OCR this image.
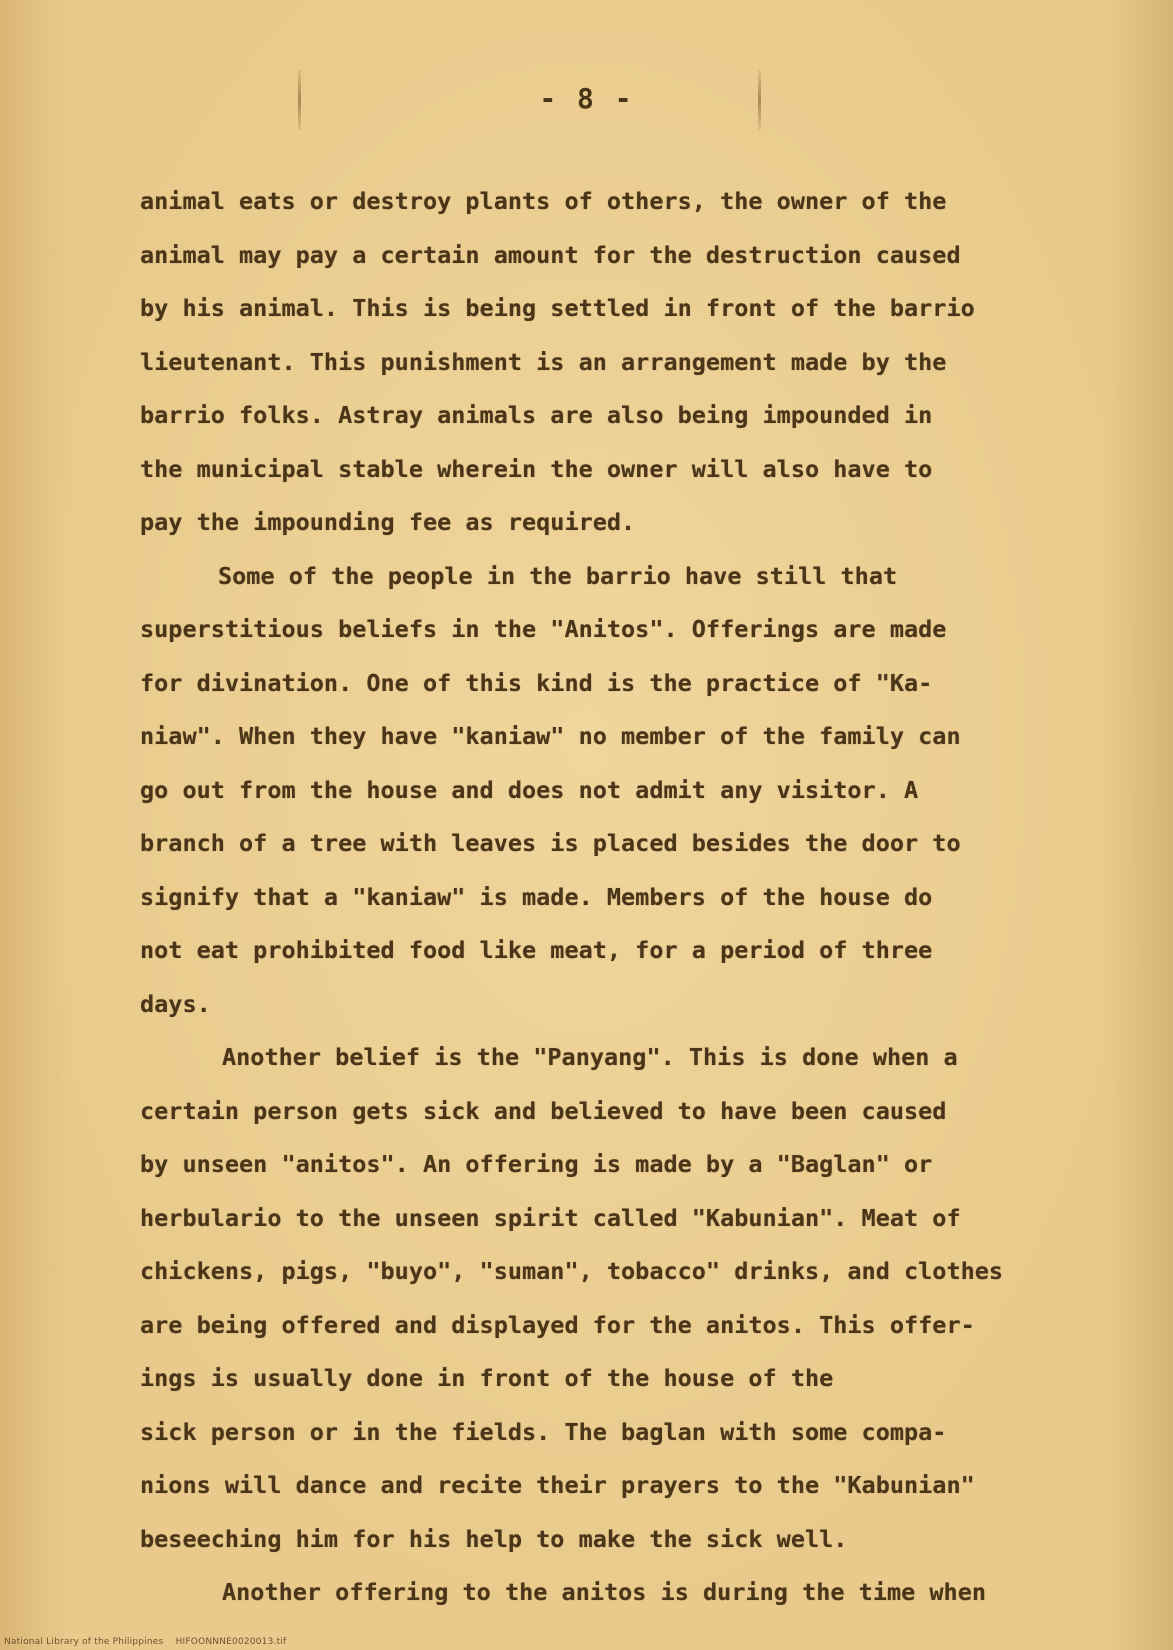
- 8 -
animal eats or destroy plants of others, the owner of the
animal may pay a certain amount for the destruction caused
by his animal. This is being settled in front of the barrio
lieutenant. This punishment is an arrangement made by the
barrio folks. Astray animals are also being impounded in
the municipal stable wherein the owner will also have to
pay the impounding fee as required.
Some of the people in the barrio have still that
superstitious beliefs in the "Anitos". Offerings are made
for divination. One of this kind is the practice of "Ka-
niaw". When they have "kaniaw" no member of the family can
go out from the house and does not admit any visitor. A
branch of a tree with leaves is placed besides the door to
signify that a "kaniaw" is made. Members of the house do
not eat prohibited food like meat, for a period of three
days.
Another belief is the "Panyang". This is done when a
certain person gets sick and believed to have been caused
by unseen "anitos". An offering is made by a "Baglan" or
herbulario to the unseen spirit called "Kabunian". Meat of
chickens, pigs, "buyo", "suman", tobacco" drinks, and clothes
are being offered and displayed for the anitos. This offer-
ings is usually done in front of the house of the
sick person or in the fields. The baglan with some compa-
nions will dance and recite their prayers to the "Kabunian"
beseeching him for his help to make the sick well.
Another offering to the anitos is during the time when
National Library of the Philippines    HIFOONNNE0020013.tif
